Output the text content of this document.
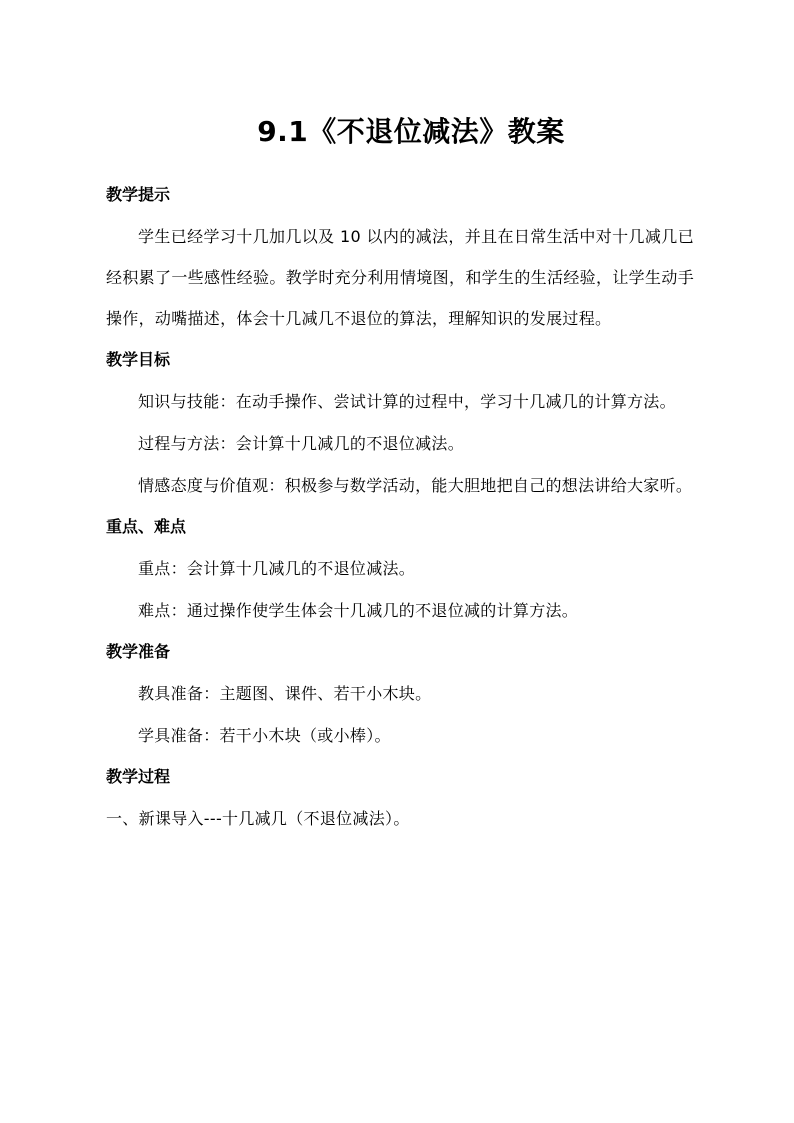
9.1《不退位减法》教案
教学提示

学生已经学习十几加几以及 10 以内的减法，并且在日常生活中对十几减几已经积累了一些感性经验。教学时充分利用情境图，和学生的生活经验，让学生动手操作，动嘴描述，体会十几减几不退位的算法，理解知识的发展过程。

教学目标

知识与技能：在动手操作、尝试计算的过程中，学习十几减几的计算方法。

过程与方法：会计算十几减几的不退位减法。

情感态度与价值观：积极参与数学活动，能大胆地把自己的想法讲给大家听。

重点、难点

重点：会计算十几减几的不退位减法。

难点：通过操作使学生体会十几减几的不退位减的计算方法。

教学准备

教具准备：主题图、课件、若干小木块。

学具准备：若干小木块（或小棒）。

教学过程

一、新课导入---十几减几（不退位减法）。
